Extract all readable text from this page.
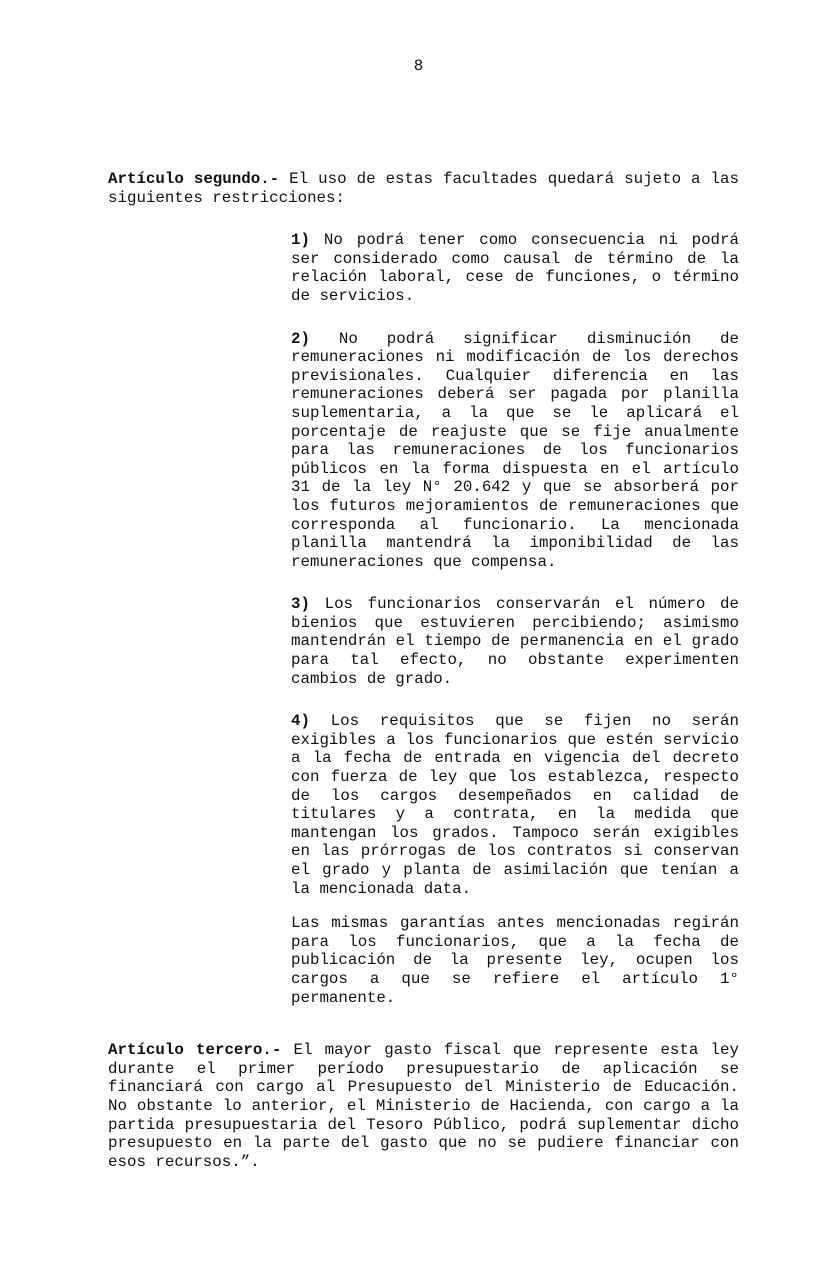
8

Artículo segundo.- El uso de estas facultades quedará sujeto a las siguientes restricciones:

1) No podrá tener como consecuencia ni podrá ser considerado como causal de término de la relación laboral, cese de funciones, o término de servicios.

2) No podrá significar disminución de remuneraciones ni modificación de los derechos previsionales. Cualquier diferencia en las remuneraciones deberá ser pagada por planilla suplementaria, a la que se le aplicará el porcentaje de reajuste que se fije anualmente para las remuneraciones de los funcionarios públicos en la forma dispuesta en el artículo 31 de la ley N° 20.642 y que se absorberá por los futuros mejoramientos de remuneraciones que corresponda al funcionario. La mencionada planilla mantendrá la imponibilidad de las remuneraciones que compensa.

3) Los funcionarios conservarán el número de bienios que estuvieren percibiendo; asimismo mantendrán el tiempo de permanencia en el grado para tal efecto, no obstante experimenten cambios de grado.

4) Los requisitos que se fijen no serán exigibles a los funcionarios que estén servicio a la fecha de entrada en vigencia del decreto con fuerza de ley que los establezca, respecto de los cargos desempeñados en calidad de titulares y a contrata, en la medida que mantengan los grados. Tampoco serán exigibles en las prórrogas de los contratos si conservan el grado y planta de asimilación que tenían a la mencionada data.

Las mismas garantías antes mencionadas regirán para los funcionarios, que a la fecha de publicación de la presente ley, ocupen los cargos a que se refiere el artículo 1° permanente.

Artículo tercero.- El mayor gasto fiscal que represente esta ley durante el primer período presupuestario de aplicación se financiará con cargo al Presupuesto del Ministerio de Educación. No obstante lo anterior, el Ministerio de Hacienda, con cargo a la partida presupuestaria del Tesoro Público, podrá suplementar dicho presupuesto en la parte del gasto que no se pudiere financiar con esos recursos.”.
